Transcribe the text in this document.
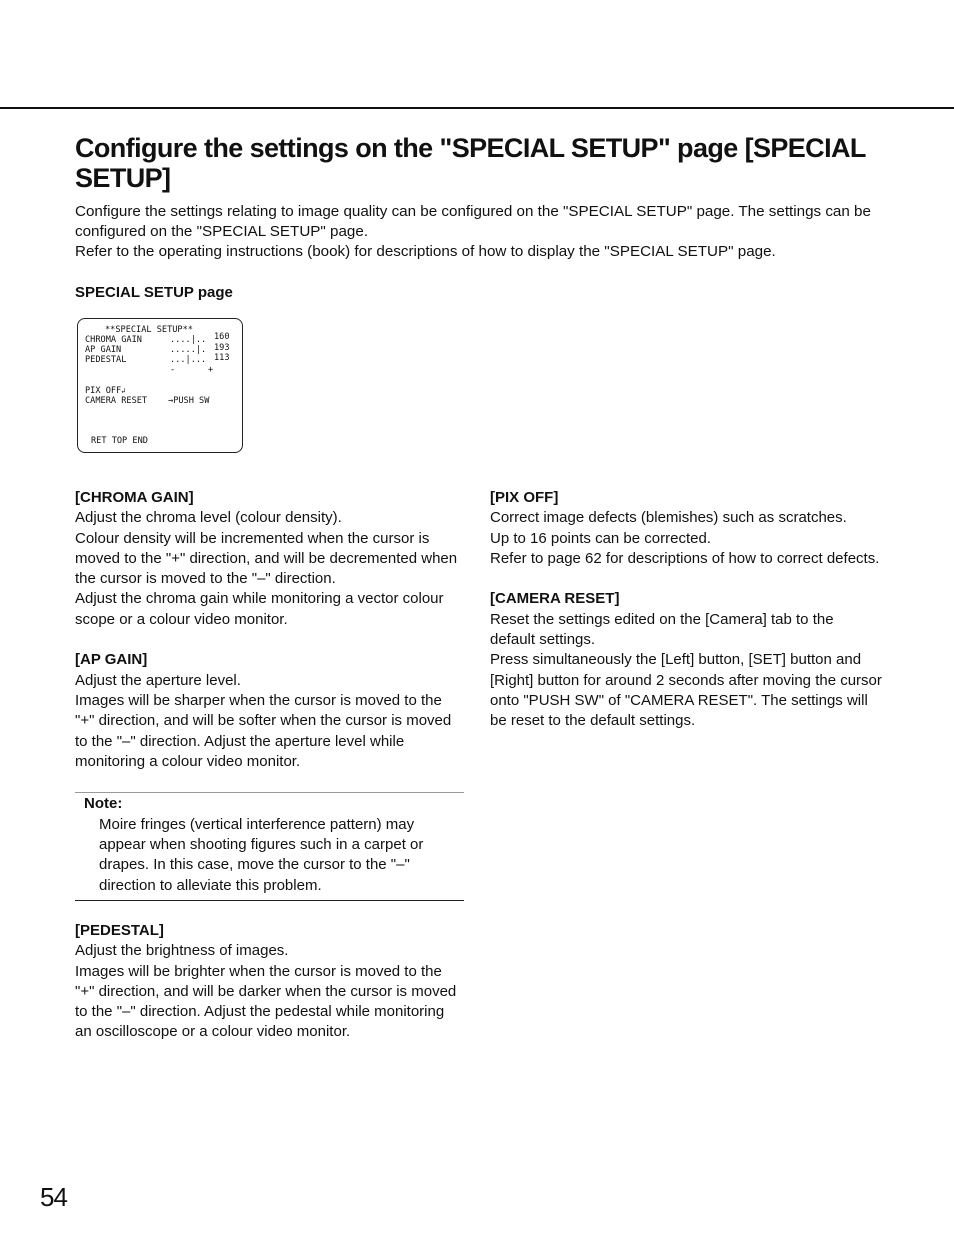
Configure the settings on the "SPECIAL SETUP" page [SPECIAL SETUP]

Configure the settings relating to image quality can be configured on the "SPECIAL SETUP" page. The settings can be configured on the "SPECIAL SETUP" page.

Refer to the operating instructions (book) for descriptions of how to display the "SPECIAL SETUP" page.

SPECIAL SETUP page
**SPECIAL SETUP**
CHROMA GAIN	....|.. 160
AP GAIN	.....|. 193
PEDESTAL	...|... 113
-	+
PIX OFF↲
CAMERA RESET →PUSH SW
RET TOP END
[CHROMA GAIN]

Adjust the chroma level (colour density).

Colour density will be incremented when the cursor is moved to the "+" direction, and will be decremented when the cursor is moved to the "–" direction.

Adjust the chroma gain while monitoring a vector colour scope or a colour video monitor.

[AP GAIN]

Adjust the aperture level.

Images will be sharper when the cursor is moved to the "+" direction, and will be softer when the cursor is moved to the "–" direction. Adjust the aperture level while monitoring a colour video monitor.

Note:

Moire fringes (vertical interference pattern) may appear when shooting figures such in a carpet or drapes. In this case, move the cursor to the "–" direction to alleviate this problem.

[PEDESTAL]

Adjust the brightness of images.

Images will be brighter when the cursor is moved to the "+" direction, and will be darker when the cursor is moved to the "–" direction. Adjust the pedestal while monitoring an oscilloscope or a colour video monitor.

[PIX OFF]

Correct image defects (blemishes) such as scratches.

Up to 16 points can be corrected.

Refer to page 62 for descriptions of how to correct defects.

[CAMERA RESET]

Reset the settings edited on the [Camera] tab to the default settings.

Press simultaneously the [Left] button, [SET] button and [Right] button for around 2 seconds after moving the cursor onto "PUSH SW" of "CAMERA RESET". The settings will be reset to the default settings.

54
